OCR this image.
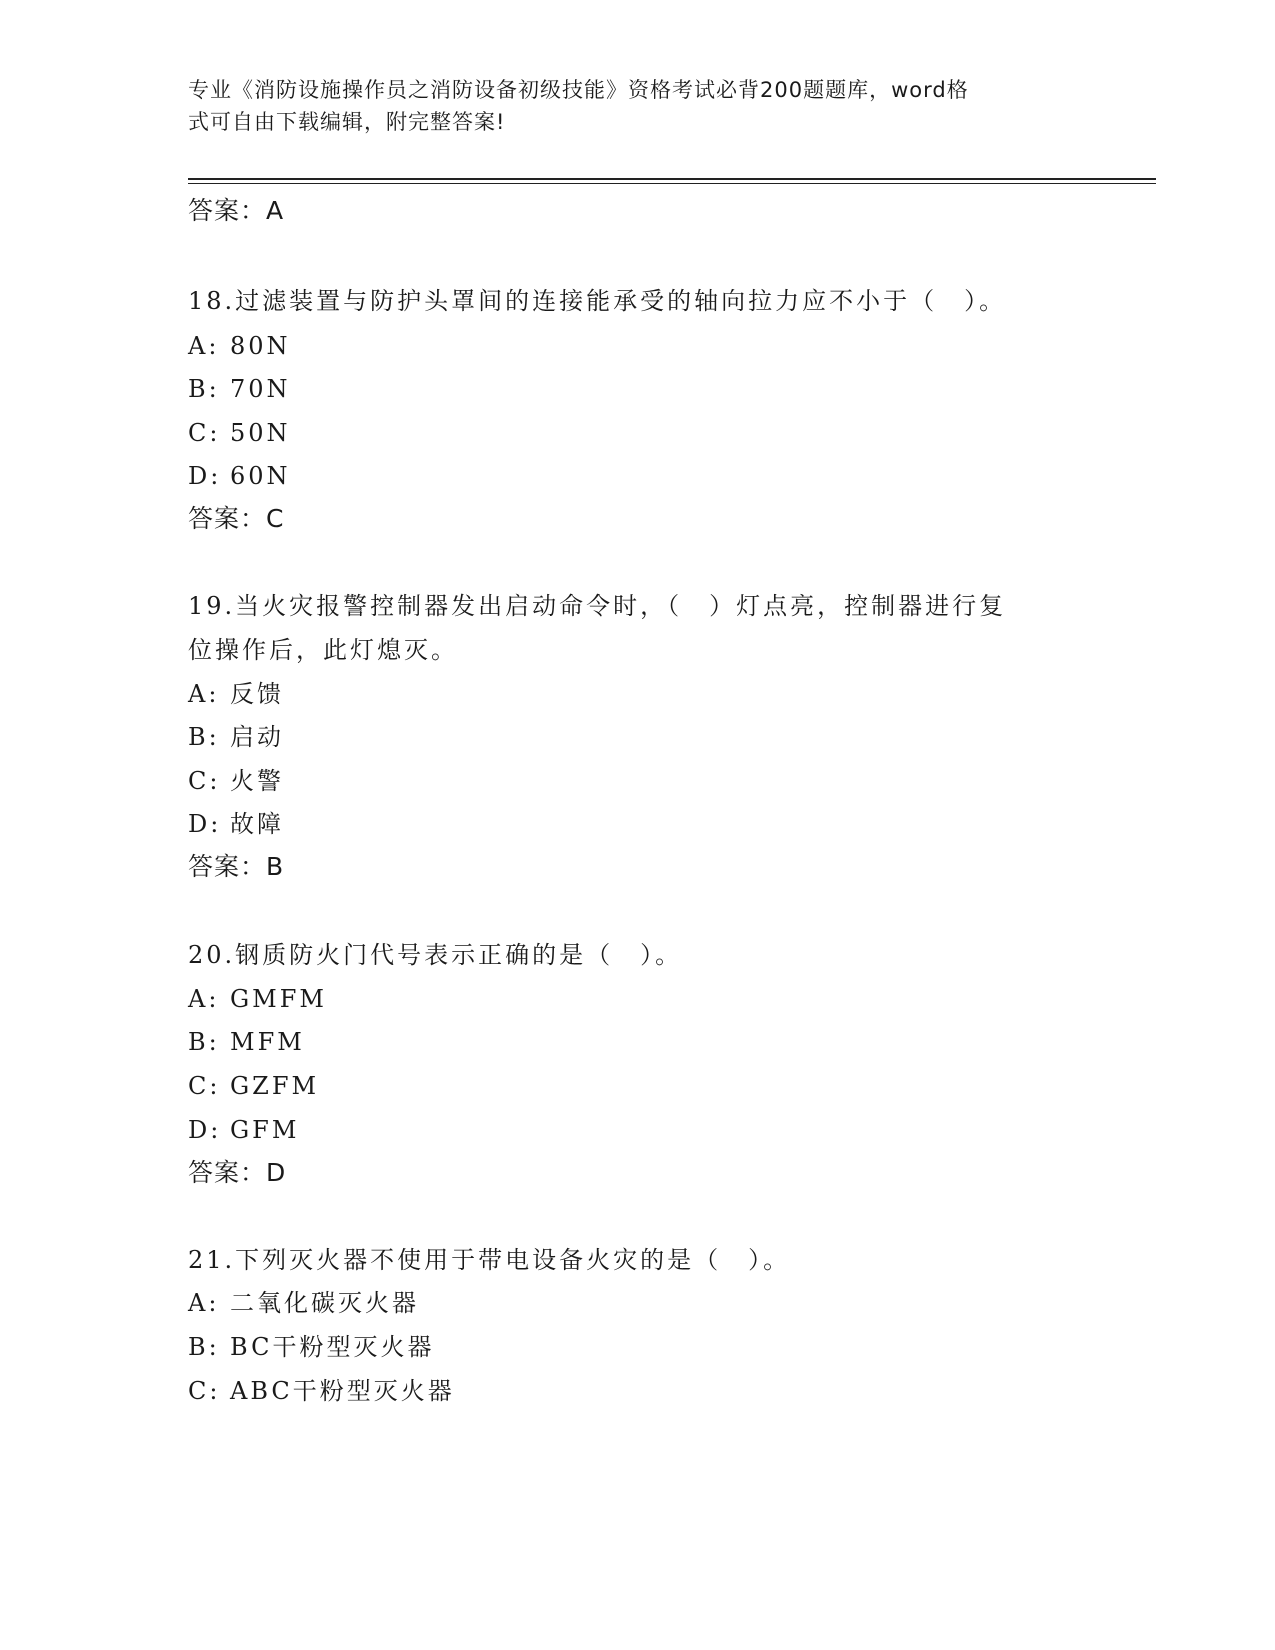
专业《消防设施操作员之消防设备初级技能》资格考试必背200题题库，word格
式可自由下载编辑，附完整答案!
答案：A
18.过滤装置与防护头罩间的连接能承受的轴向拉力应不小于（　）。
A: 80N
B: 70N
C: 50N
D: 60N
答案：C
19.当火灾报警控制器发出启动命令时，（　）灯点亮，控制器进行复
位操作后，此灯熄灭。
A: 反馈
B: 启动
C: 火警
D: 故障
答案：B
20.钢质防火门代号表示正确的是（　）。
A: GMFM
B: MFM
C: GZFM
D: GFM
答案：D
21.下列灭火器不使用于带电设备火灾的是（　）。
A: 二氧化碳灭火器
B: BC干粉型灭火器
C: ABC干粉型灭火器
